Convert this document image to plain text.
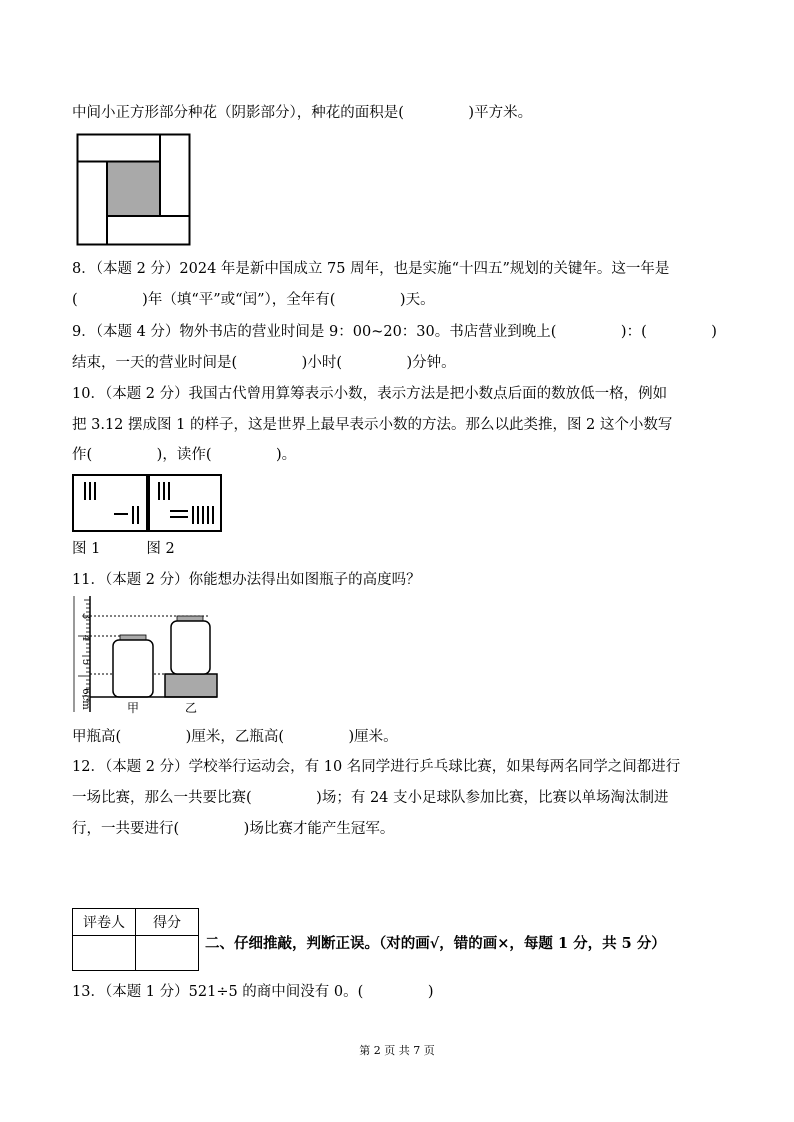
中间小正方形部分种花（阴影部分），种花的面积是(              )平方米。
8．（本题 2 分）2024 年是新中国成立 75 周年，也是实施“十四五”规划的关键年。这一年是
(              )年（填“平”或“闰”），全年有(              )天。
9．（本题 4 分）物外书店的营业时间是 9：00~20：30。书店营业到晚上(              )：(              )
结束，一天的营业时间是(              )小时(              )分钟。
10．（本题 2 分）我国古代曾用算筹表示小数，表示方法是把小数点后面的数放低一格，例如
把 3.12 摆成图 1 的样子，这是世界上最早表示小数的方法。那么以此类推，图 2 这个小数写
作(              )，读作(              )。
图 1          图 2
11．（本题 2 分）你能想办法得出如图瓶子的高度吗？
3
4
5
6cm	甲	乙
甲瓶高(              )厘米，乙瓶高(              )厘米。
12．（本题 2 分）学校举行运动会，有 10 名同学进行乒乓球比赛，如果每两名同学之间都进行
一场比赛，那么一共要比赛(              )场；有 24 支小足球队参加比赛，比赛以单场淘汰制进
行，一共要进行(              )场比赛才能产生冠军。
评卷人	得分

二、仔细推敲，判断正误。（对的画√，错的画×，每题 1 分，共 5 分）
13．（本题 1 分）521÷5 的商中间没有 0。(              )
第 2 页 共 7 页
